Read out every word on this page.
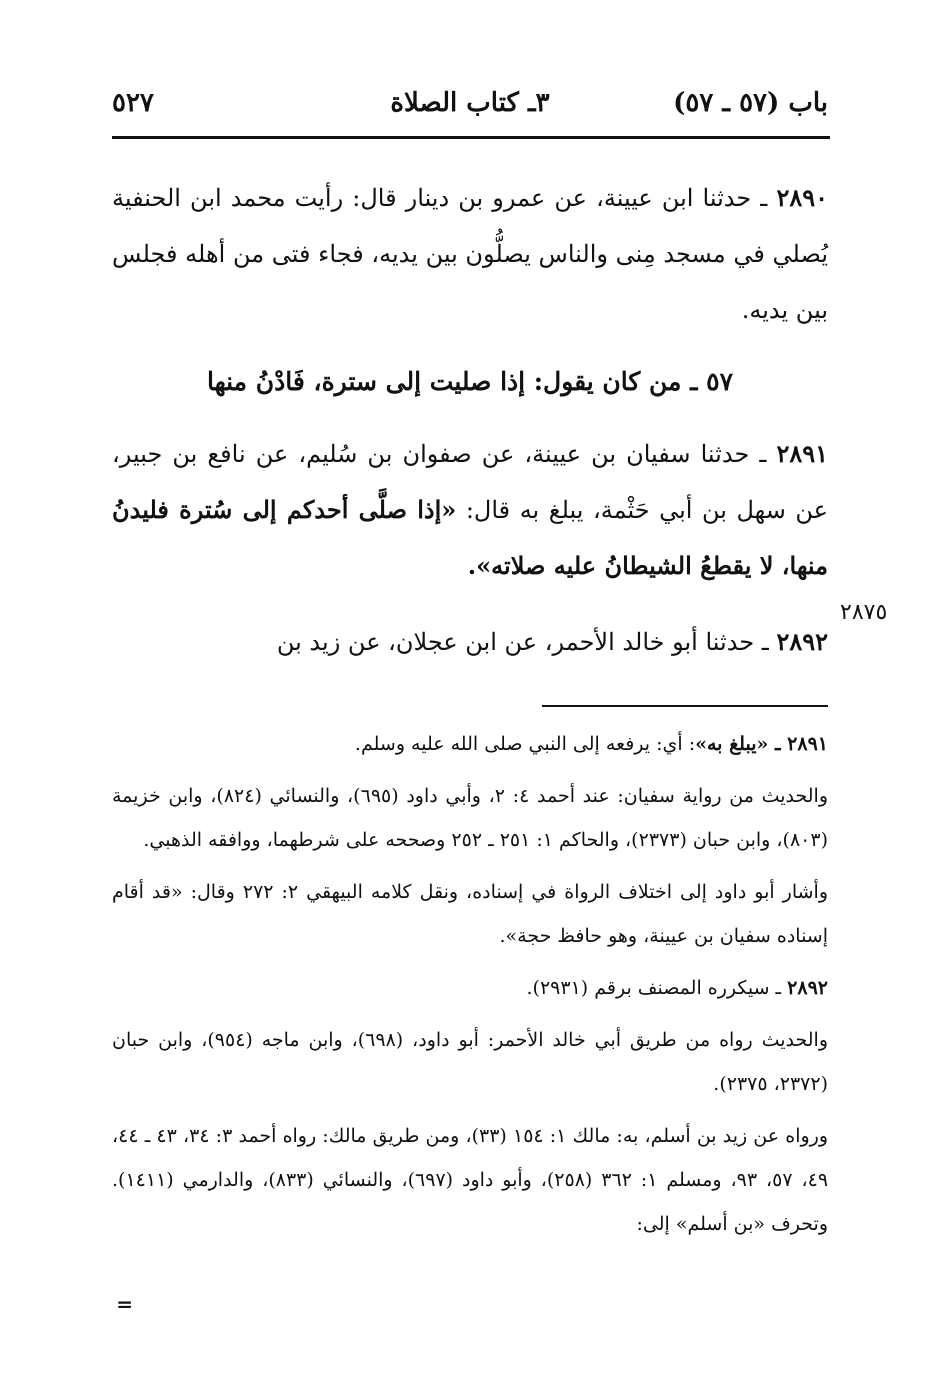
٥٢٧	٣ـ كتاب الصلاة	باب (٥٧ ـ ٥٧)

٢٨٩٠ ـ حدثنا ابن عيينة، عن عمرو بن دينار قال: رأيت محمد ابن الحنفية يُصلي في مسجد مِنى والناس يصلُّون بين يديه، فجاء فتى من أهله فجلس بين يديه.

٥٧ ـ من كان يقول: إذا صليت إلى سترة، فَادْنُ منها

٢٨٩١ ـ حدثنا سفيان بن عيينة، عن صفوان بن سُليم، عن نافع بن جبير، عن سهل بن أبي حَثْمة، يبلغ به قال: «إذا صلَّى أحدكم إلى سُترة فليدنُ منها، لا يقطعُ الشيطانُ عليه صلاته».

٢٨٩٢ ـ حدثنا أبو خالد الأحمر، عن ابن عجلان، عن زيد بن

٢٨٧٥

٢٨٩١ ـ «يبلغ به»: أي: يرفعه إلى النبي صلى الله عليه وسلم.

والحديث من رواية سفيان: عند أحمد ٤: ٢، وأبي داود (٦٩٥)، والنسائي (٨٢٤)، وابن خزيمة (٨٠٣)، وابن حبان (٢٣٧٣)، والحاكم ١: ٢٥١ ـ ٢٥٢ وصححه على شرطهما، ووافقه الذهبي.

وأشار أبو داود إلى اختلاف الرواة في إسناده، ونقل كلامه البيهقي ٢: ٢٧٢ وقال: «قد أقام إسناده سفيان بن عيينة، وهو حافظ حجة».

٢٨٩٢ ـ سيكرره المصنف برقم (٢٩٣١).

والحديث رواه من طريق أبي خالد الأحمر: أبو داود، (٦٩٨)، وابن ماجه (٩٥٤)، وابن حبان (٢٣٧٢، ٢٣٧٥).

ورواه عن زيد بن أسلم، به: مالك ١: ١٥٤ (٣٣)، ومن طريق مالك: رواه أحمد ٣: ٣٤، ٤٣ ـ ٤٤، ٤٩، ٥٧، ٩٣، ومسلم ١: ٣٦٢ (٢٥٨)، وأبو داود (٦٩٧)، والنسائي (٨٣٣)، والدارمي (١٤١١). وتحرف «بن أسلم» إلى:

=
